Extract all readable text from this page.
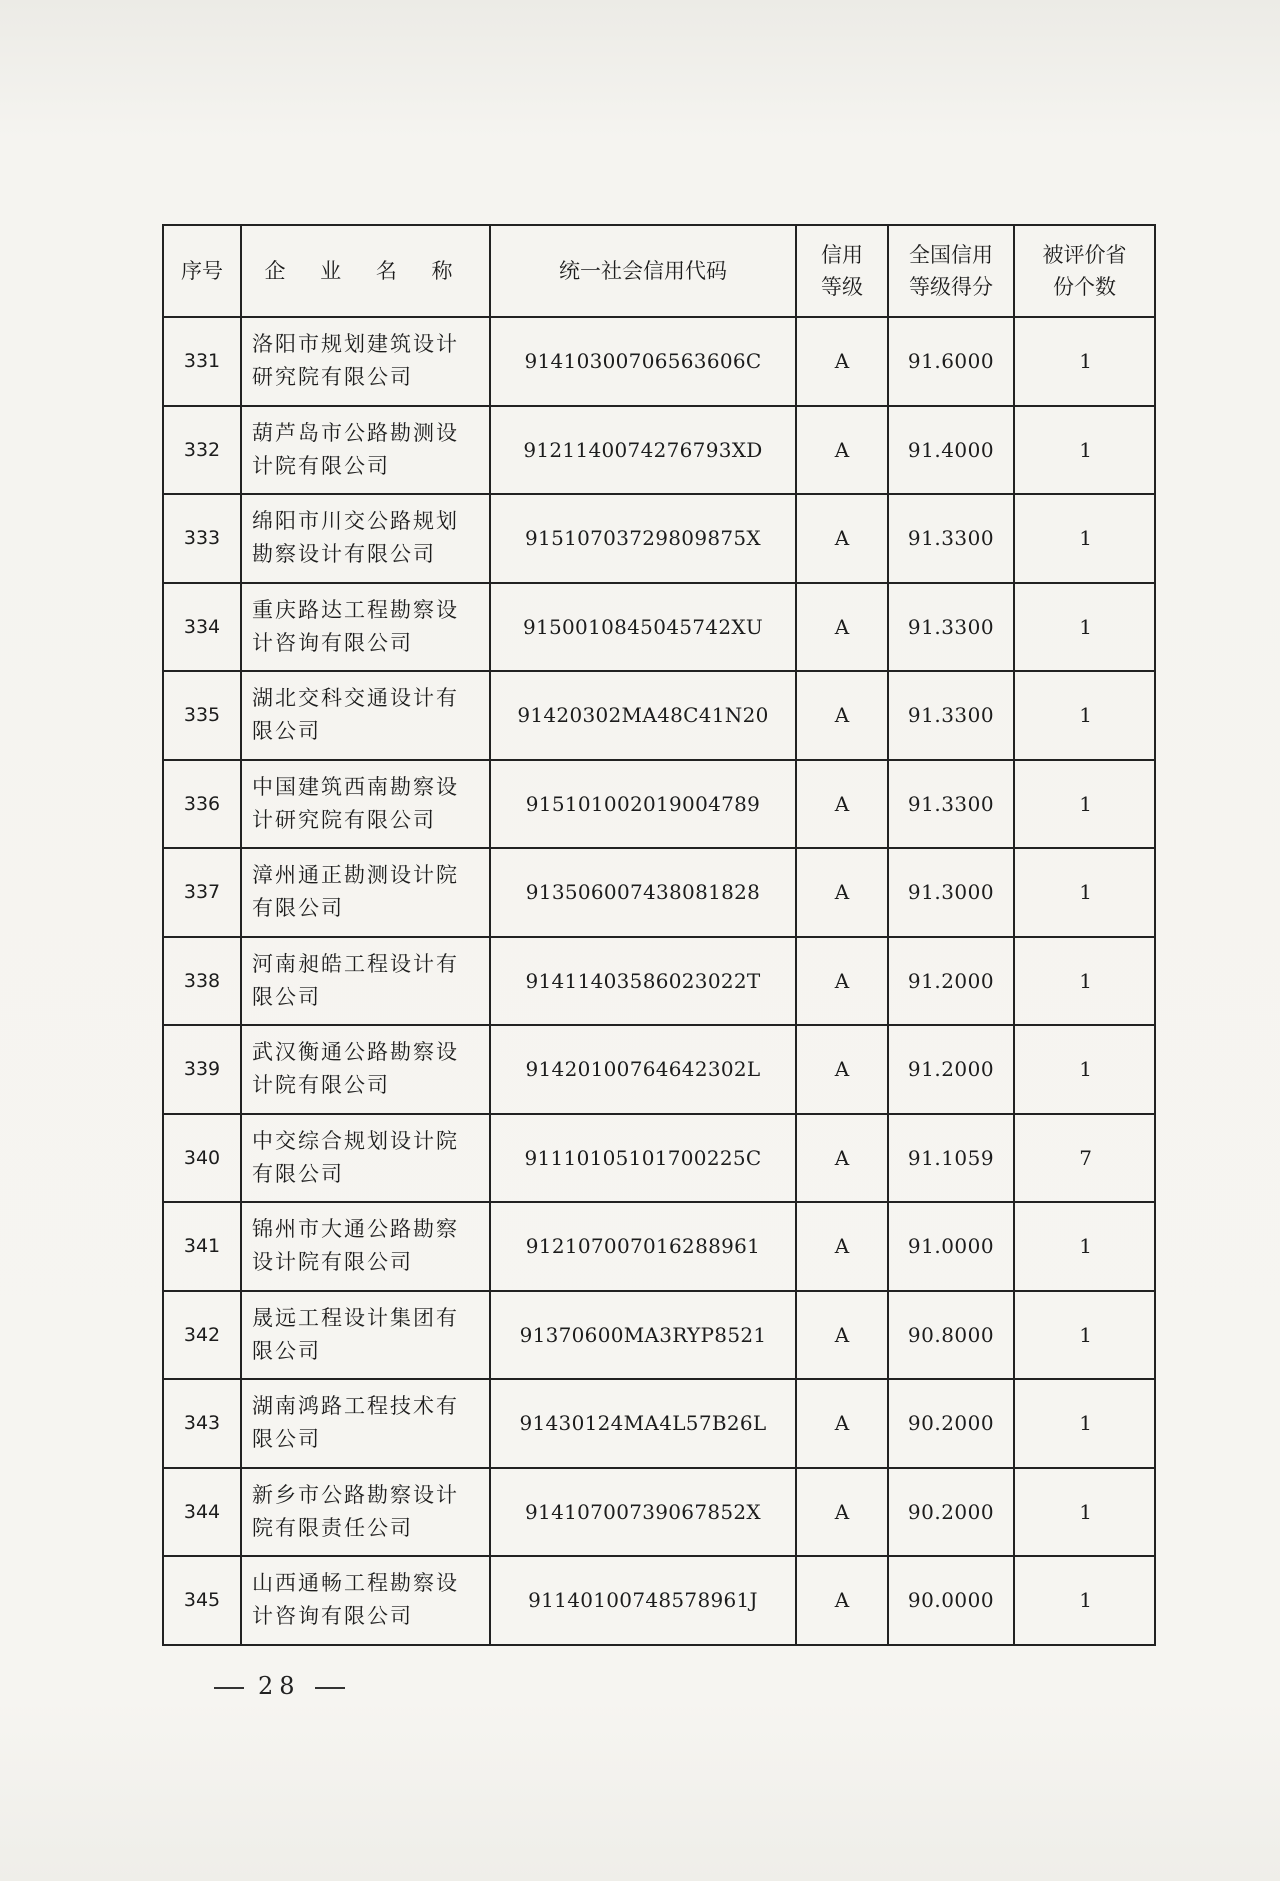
序号	企 业 名 称	统一社会信用代码	信用等级	全国信用等级得分	被评价省份个数
331	洛阳市规划建筑设计研究院有限公司	91410300706563606C	A	91.6000	1
332	葫芦岛市公路勘测设计院有限公司	9121140074276793XD	A	91.4000	1
333	绵阳市川交公路规划勘察设计有限公司	91510703729809875X	A	91.3300	1
334	重庆路达工程勘察设计咨询有限公司	9150010845045742XU	A	91.3300	1
335	湖北交科交通设计有限公司	91420302MA48C41N20	A	91.3300	1
336	中国建筑西南勘察设计研究院有限公司	915101002019004789	A	91.3300	1
337	漳州通正勘测设计院有限公司	913506007438081828	A	91.3000	1
338	河南昶皓工程设计有限公司	91411403586023022T	A	91.2000	1
339	武汉衡通公路勘察设计院有限公司	91420100764642302L	A	91.2000	1
340	中交综合规划设计院有限公司	91110105101700225C	A	91.1059	7
341	锦州市大通公路勘察设计院有限公司	912107007016288961	A	91.0000	1
342	晟远工程设计集团有限公司	91370600MA3RYP8521	A	90.8000	1
343	湖南鸿路工程技术有限公司	91430124MA4L57B26L	A	90.2000	1
344	新乡市公路勘察设计院有限责任公司	91410700739067852X	A	90.2000	1
345	山西通畅工程勘察设计咨询有限公司	91140100748578961J	A	90.0000	1
28
